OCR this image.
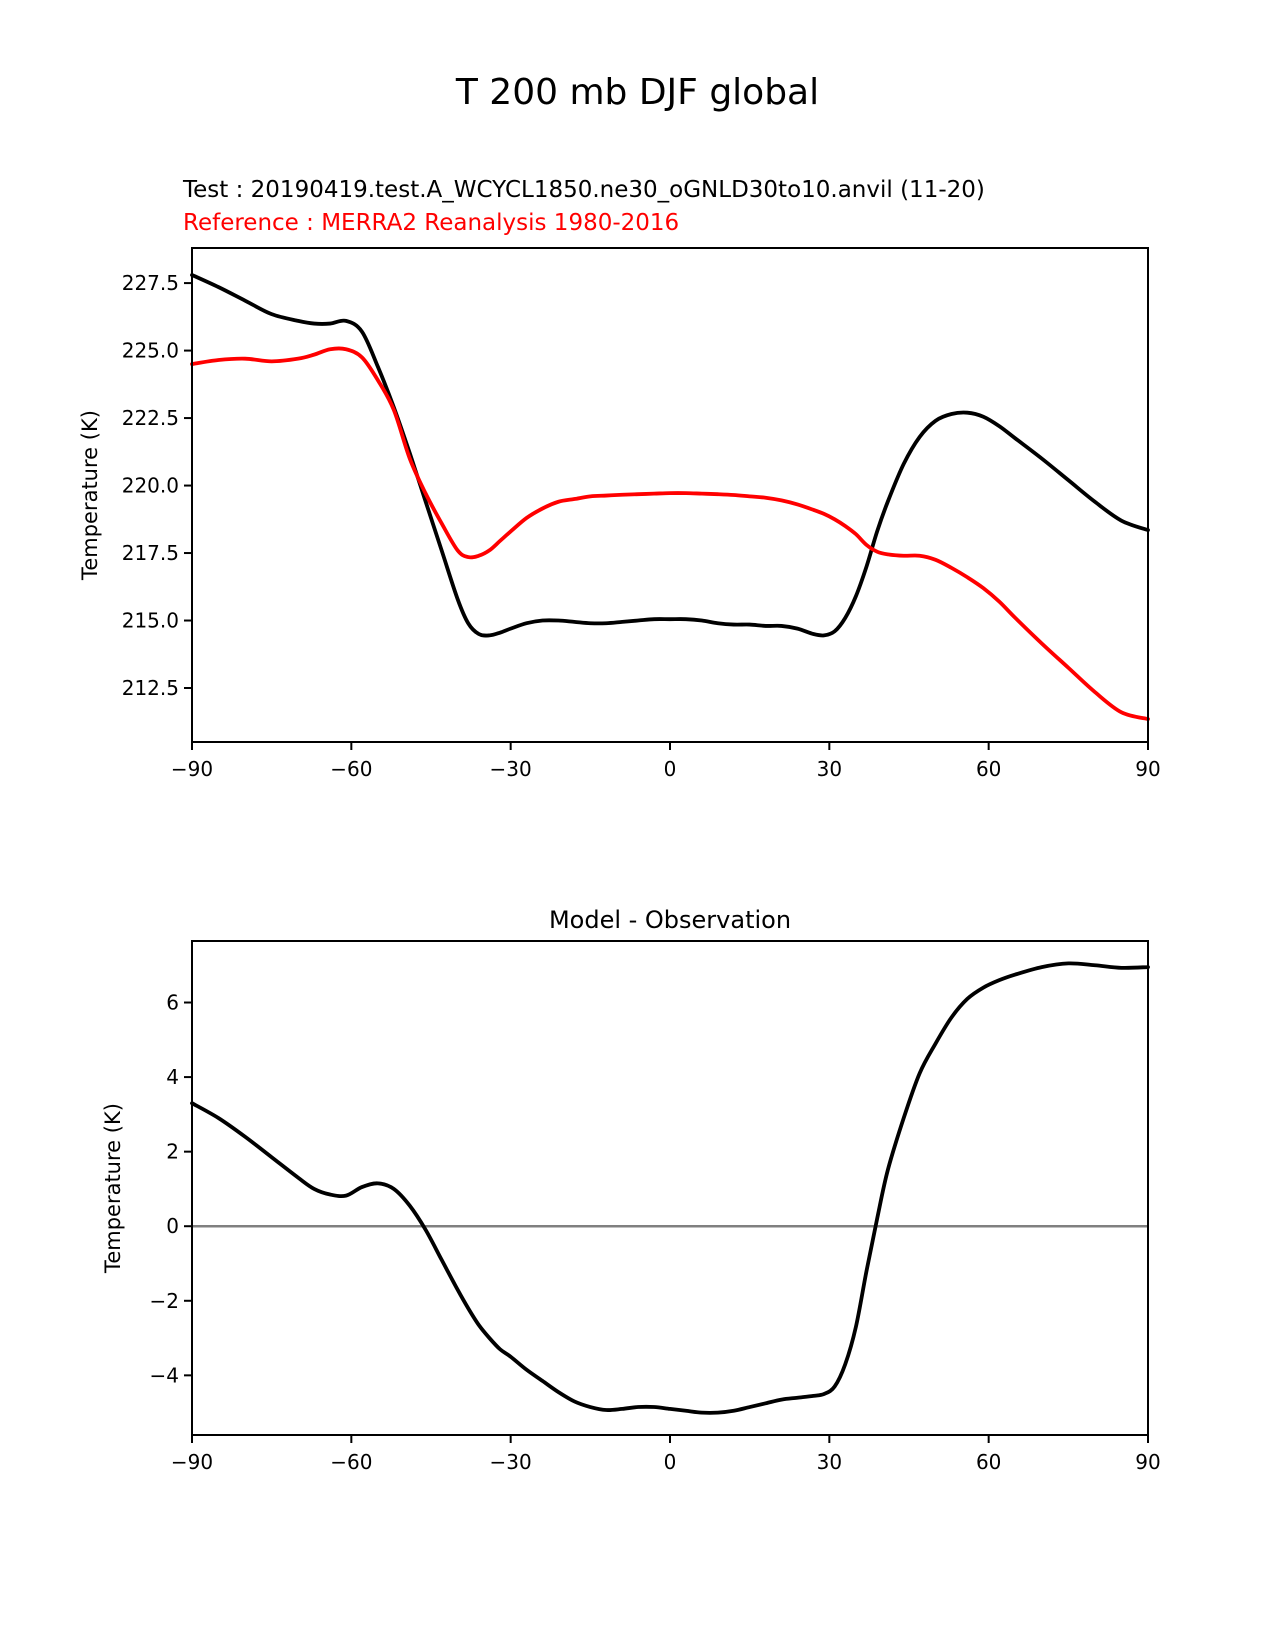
T 200 mb DJF global
Test : 20190419.test.A_WCYCL1850.ne30_oGNLD30to10.anvil (11-20)
Reference : MERRA2 Reanalysis 1980-2016
−90	−60	−30	0	30	60	90
212.5
215.0
217.5
220.0
222.5
225.0
227.5
Temperature (K)
−90	−60	−30	0	30	60	90
−4
−2
0
2
4
6
Temperature (K)
Model - Observation
